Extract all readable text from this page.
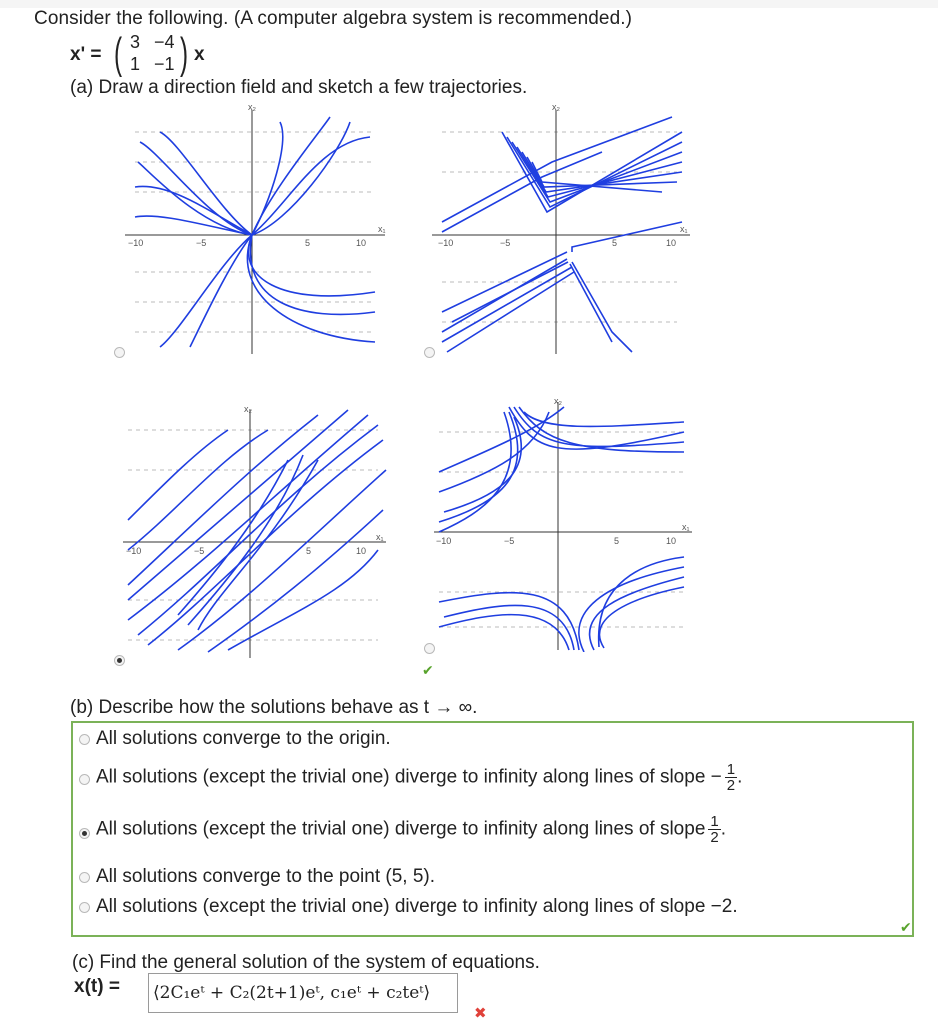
Consider the following. (A computer algebra system is recommended.)
x' = ( 3 −4
1 −1 ) x
(a) Draw a direction field and sketch a few trajectories.
x₂
x₁
−10	−5	5	10
x₂
x₁
−10	−5	5	10
x₂
x₁
−10	−5	5	10
x₂
x₁
−10	−5	5	10
✔
(b) Describe how the solutions behave as t → ∞.
All solutions converge to the origin.
All solutions (except the trivial one) diverge to infinity along lines of slope − $\frac{1}{2}$ .
All solutions (except the trivial one) diverge to infinity along lines of slope $\frac{1}{2}$ .
All solutions converge to the point (5, 5).
All solutions (except the trivial one) diverge to infinity along lines of slope −2.
✔
(c) Find the general solution of the system of equations.
x(t) = ⟨2C₁eᵗ + C₂(2t+1)eᵗ, c₁eᵗ + c₂teᵗ⟩
✖
